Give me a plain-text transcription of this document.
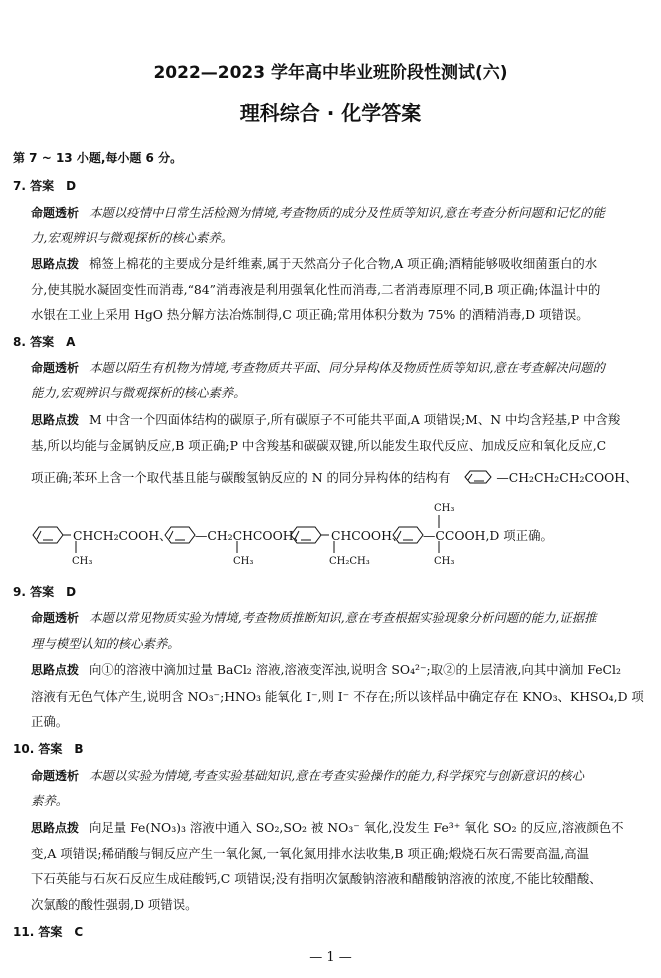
2022—2023 学年高中毕业班阶段性测试(六)
理科综合 · 化学答案
第 7 ~ 13 小题,每小题 6 分。
7. 答案　D
命题透析 本题以疫情中日常生活检测为情境,考查物质的成分及性质等知识,意在考查分析问题和记忆的能
力,宏观辨识与微观探析的核心素养。
思路点拨 棉签上棉花的主要成分是纤维素,属于天然高分子化合物,A 项正确;酒精能够吸收细菌蛋白的水
分,使其脱水凝固变性而消毒,“84”消毒液是利用强氧化性而消毒,二者消毒原理不同,B 项正确;体温计中的
水银在工业上采用 HgO 热分解方法冶炼制得,C 项正确;常用体积分数为 75% 的酒精消毒,D 项错误。
8. 答案　A
命题透析 本题以陌生有机物为情境,考查物质共平面、同分异构体及物质性质等知识,意在考查解决问题的
能力,宏观辨识与微观探析的核心素养。
思路点拨 M 中含一个四面体结构的碳原子,所有碳原子不可能共平面,A 项错误;M、N 中均含羟基,P 中含羧
基,所以均能与金属钠反应,B 项正确;P 中含羧基和碳碳双键,所以能发生取代反应、加成反应和氧化反应,C
项正确;苯环上含一个取代基且能与碳酸氢钠反应的 N 的同分异构体的结构有	—CH₂CH₂CH₂COOH、
CHCH₂COOH、
CH₃
—CH₂CHCOOH、
CH₃
CHCOOH、
CH₂CH₃
CH₃
—CCOOH,D 项正确。
CH₃
9. 答案　D
命题透析 本题以常见物质实验为情境,考查物质推断知识,意在考查根据实验现象分析问题的能力,证据推
理与模型认知的核心素养。
思路点拨 向①的溶液中滴加过量 BaCl₂ 溶液,溶液变浑浊,说明含 SO₄²⁻;取②的上层清液,向其中滴加 FeCl₂
溶液有无色气体产生,说明含 NO₃⁻;HNO₃ 能氧化 I⁻,则 I⁻ 不存在;所以该样品中确定存在 KNO₃、KHSO₄,D 项
正确。
10. 答案　B
命题透析 本题以实验为情境,考查实验基础知识,意在考查实验操作的能力,科学探究与创新意识的核心
素养。
思路点拨 向足量 Fe(NO₃)₃ 溶液中通入 SO₂,SO₂ 被 NO₃⁻ 氧化,没发生 Fe³⁺ 氧化 SO₂ 的反应,溶液颜色不
变,A 项错误;稀硝酸与铜反应产生一氧化氮,一氧化氮用排水法收集,B 项正确;煅烧石灰石需要高温,高温
下石英能与石灰石反应生成硅酸钙,C 项错误;没有指明次氯酸钠溶液和醋酸钠溶液的浓度,不能比较醋酸、
次氯酸的酸性强弱,D 项错误。
11. 答案　C
— 1 —
